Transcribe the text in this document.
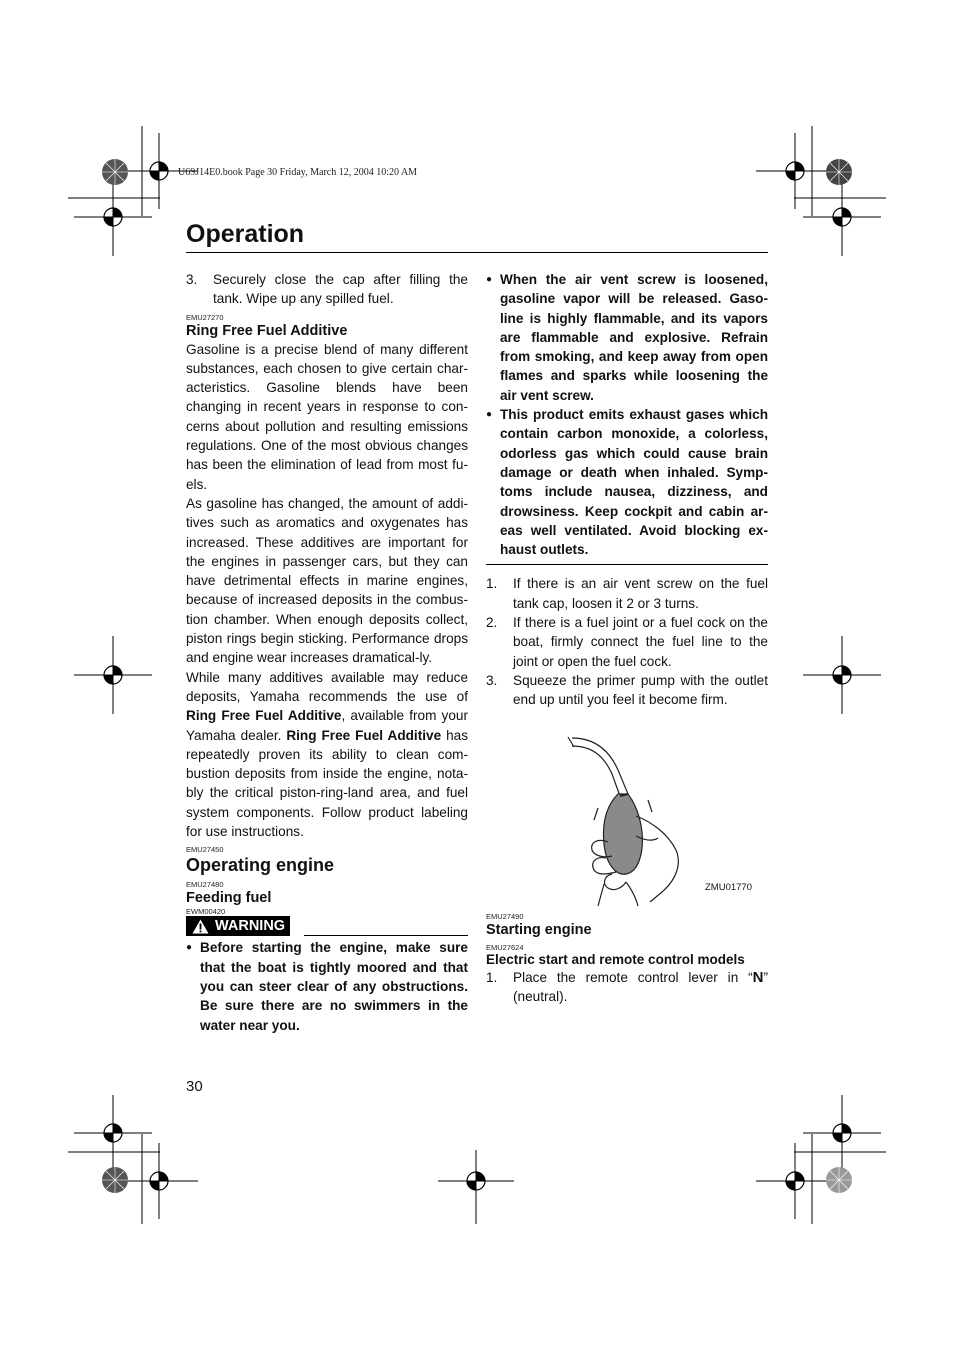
U69J14E0.book Page 30 Friday, March 12, 2004 10:20 AM
Operation
3.	Securely close the cap after filling the tank. Wipe up any spilled fuel.

EMU27270

Ring Free Fuel Additive

Gasoline is a precise blend of many different substances, each chosen to give certain char-acteristics. Gasoline blends have been changing in recent years in response to con-cerns about pollution and resulting emissions regulations. One of the most obvious changes has been the elimination of lead from most fu-els.

As gasoline has changed, the amount of addi-tives such as aromatics and oxygenates has increased. These additives are important for the engines in passenger cars, but they can have detrimental effects in marine engines, because of increased deposits in the combus-tion chamber. When enough deposits collect, piston rings begin sticking. Performance drops and engine wear increases dramatical-ly.

While many additives available may reduce deposits, Yamaha recommends the use of Ring Free Fuel Additive, available from your Yamaha dealer. Ring Free Fuel Additive has repeatedly proven its ability to clean com-bustion deposits from inside the engine, nota-bly the critical piston-ring-land area, and fuel system components. Follow product labeling for use instructions.

EMU27450

Operating engine

EMU27480

Feeding fuel

EWM00420

WARNING
● Before starting the engine, make sure that the boat is tightly moored and that you can steer clear of any obstructions. Be sure there are no swimmers in the water near you.
● When the air vent screw is loosened, gasoline vapor will be released. Gaso-line is highly flammable, and its vapors are flammable and explosive. Refrain from smoking, and keep away from open flames and sparks while loosening the air vent screw.
● This product emits exhaust gases which contain carbon monoxide, a colorless, odorless gas which could cause brain damage or death when inhaled. Symp-toms include nausea, dizziness, and drowsiness. Keep cockpit and cabin ar-eas well ventilated. Avoid blocking ex-haust outlets.
1.	If there is an air vent screw on the fuel tank cap, loosen it 2 or 3 turns.
2.	If there is a fuel joint or a fuel cock on the boat, firmly connect the fuel line to the joint or open the fuel cock.
3.	Squeeze the primer pump with the outlet end up until you feel it become firm.
ZMU01770

EMU27490

Starting engine

EMU27624

Electric start and remote control models

1.	Place the remote control lever in “N” (neutral).
30
